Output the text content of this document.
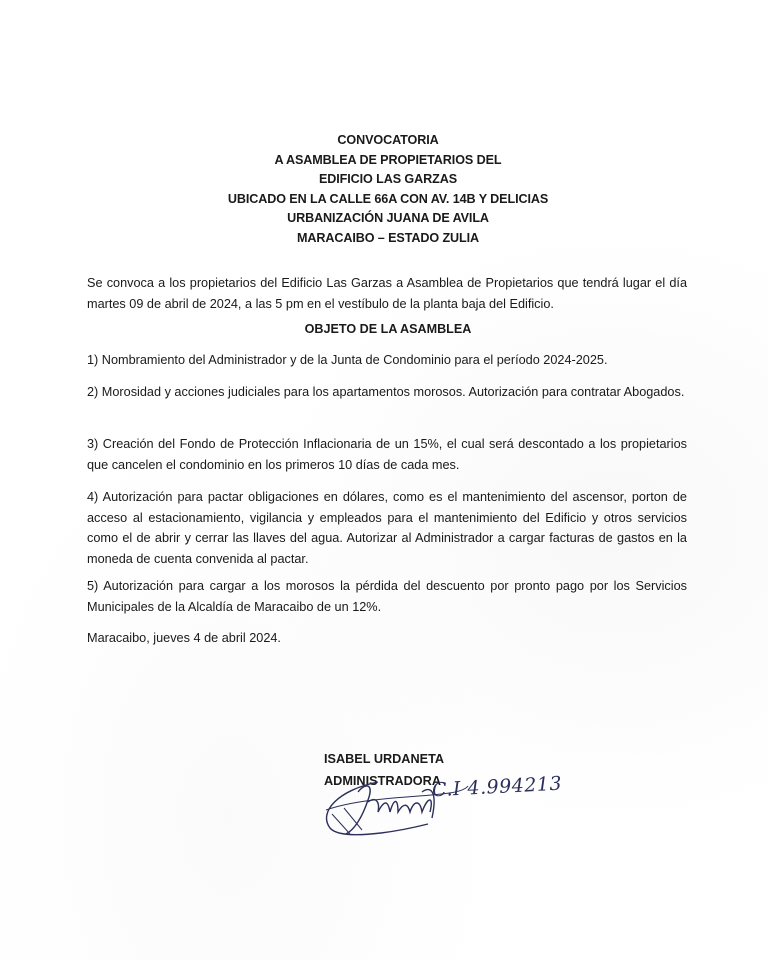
CONVOCATORIA
A ASAMBLEA DE PROPIETARIOS DEL
EDIFICIO LAS GARZAS
UBICADO EN LA CALLE 66A CON AV. 14B Y DELICIAS
URBANIZACIÓN JUANA DE AVILA
MARACAIBO – ESTADO ZULIA
Se convoca a los propietarios del Edificio Las Garzas a Asamblea de Propietarios que tendrá lugar el día martes 09 de abril de 2024, a las 5 pm en el vestíbulo de la planta baja del Edificio.
OBJETO DE LA ASAMBLEA
1) Nombramiento del Administrador y de la Junta de Condominio para el período 2024-2025.
2) Morosidad y acciones judiciales para los apartamentos morosos. Autorización para contratar Abogados.
3) Creación del Fondo de Protección Inflacionaria de un 15%, el cual será descontado a los propietarios que cancelen el condominio en los primeros 10 días de cada mes.
4) Autorización para pactar obligaciones en dólares, como es el mantenimiento del ascensor, porton de acceso al estacionamiento, vigilancia y empleados para el mantenimiento del Edificio y otros servicios como el de abrir y cerrar las llaves del agua. Autorizar al Administrador a cargar facturas de gastos en la moneda de cuenta convenida al pactar.
5) Autorización para cargar a los morosos la pérdida del descuento por pronto pago por los Servicios Municipales de la Alcaldía de Maracaibo de un 12%.
Maracaibo, jueves 4 de abril 2024.
ISABEL URDANETA
ADMINISTRADORA
C.I 4.994213
